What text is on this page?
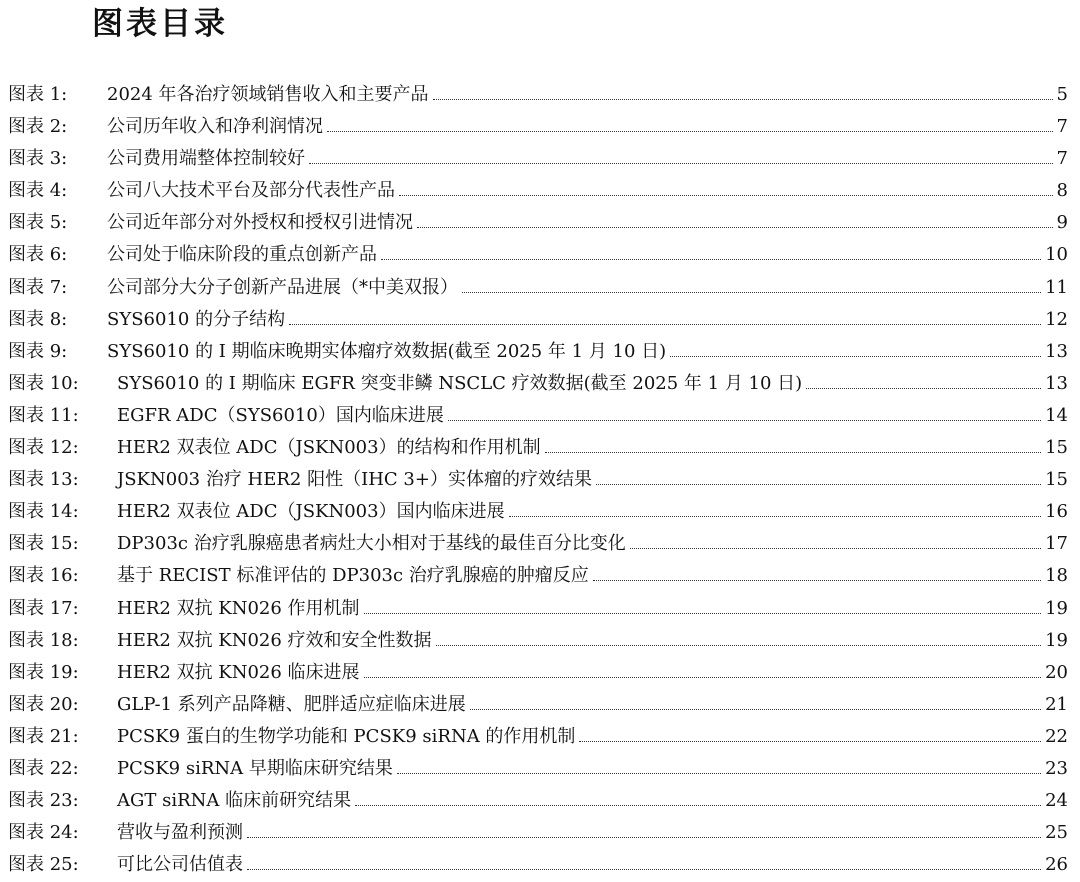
图表目录
图表 1:	2024 年各治疗领域销售收入和主要产品	5
图表 2:	公司历年收入和净利润情况	7
图表 3:	公司费用端整体控制较好	7
图表 4:	公司八大技术平台及部分代表性产品	8
图表 5:	公司近年部分对外授权和授权引进情况	9
图表 6:	公司处于临床阶段的重点创新产品	10
图表 7:	公司部分大分子创新产品进展（*中美双报）	11
图表 8:	SYS6010 的分子结构	12
图表 9:	SYS6010 的 I 期临床晚期实体瘤疗效数据(截至 2025 年 1 月 10 日)	13
图表 10:	SYS6010 的 I 期临床 EGFR 突变非鳞 NSCLC 疗效数据(截至 2025 年 1 月 10 日)	13
图表 11:	EGFR ADC（SYS6010）国内临床进展	14
图表 12:	HER2 双表位 ADC（JSKN003）的结构和作用机制	15
图表 13:	JSKN003 治疗 HER2 阳性（IHC 3+）实体瘤的疗效结果	15
图表 14:	HER2 双表位 ADC（JSKN003）国内临床进展	16
图表 15:	DP303c 治疗乳腺癌患者病灶大小相对于基线的最佳百分比变化	17
图表 16:	基于 RECIST 标准评估的 DP303c 治疗乳腺癌的肿瘤反应	18
图表 17:	HER2 双抗 KN026 作用机制	19
图表 18:	HER2 双抗 KN026 疗效和安全性数据	19
图表 19:	HER2 双抗 KN026 临床进展	20
图表 20:	GLP-1 系列产品降糖、肥胖适应症临床进展	21
图表 21:	PCSK9 蛋白的生物学功能和 PCSK9 siRNA 的作用机制	22
图表 22:	PCSK9 siRNA 早期临床研究结果	23
图表 23:	AGT siRNA 临床前研究结果	24
图表 24:	营收与盈利预测	25
图表 25:	可比公司估值表	26
